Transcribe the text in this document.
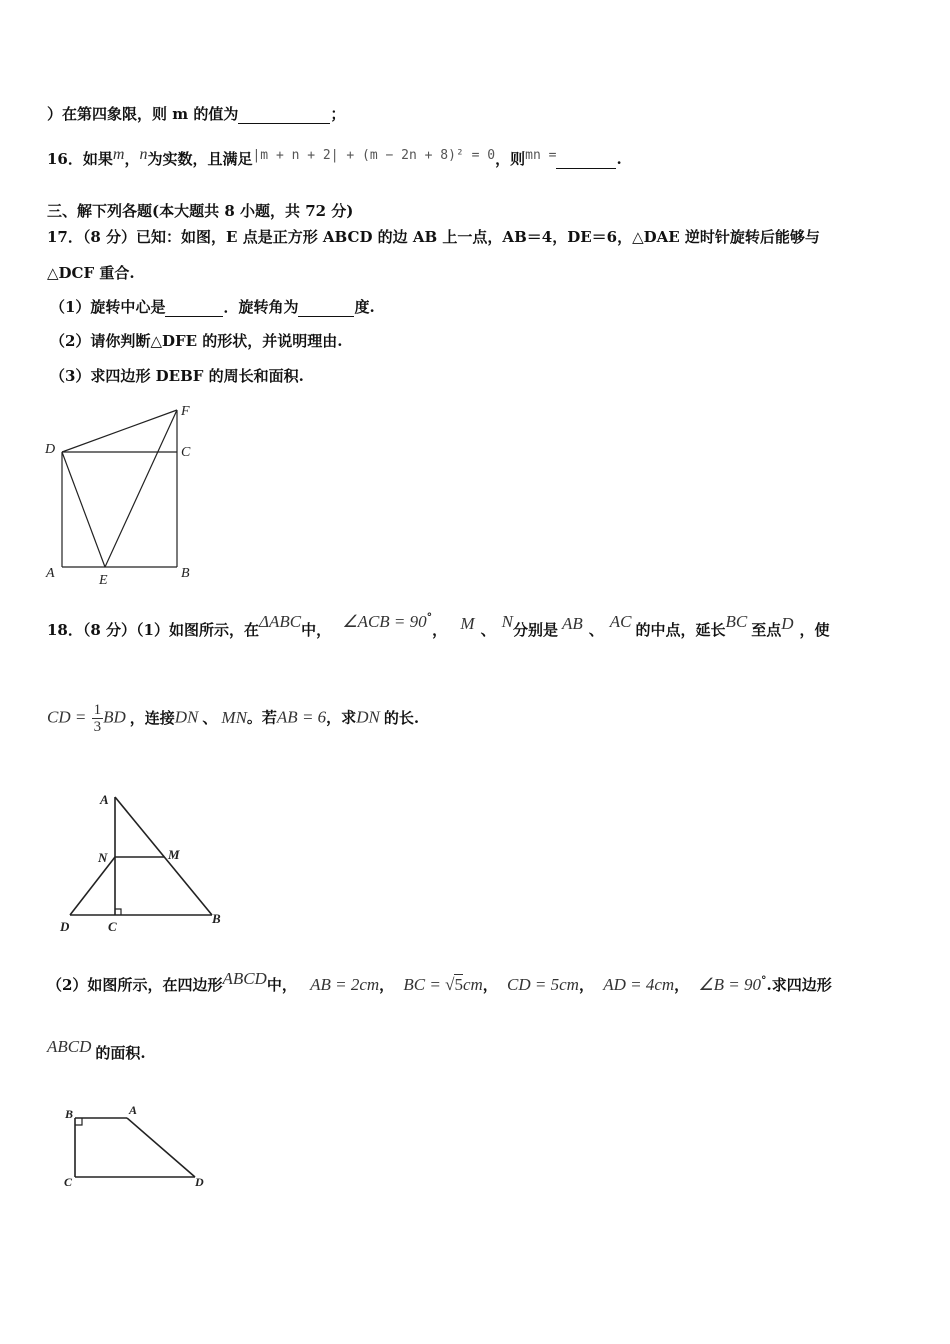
）在第四象限，则 m 的值为	；
16．如果m，n为实数，且满足|m + n + 2| + (m − 2n + 8)² = 0，则mn =	.
三、解下列各题(本大题共 8 小题，共 72 分)
17．（8 分）已知：如图，E 点是正方形 ABCD 的边 AB 上一点，AB＝4，DE＝6，△DAE 逆时针旋转后能够与
△DCF 重合.
（1）旋转中心是	．旋转角为	度.
（2）请你判断△DFE 的形状，并说明理由.
（3）求四边形 DEBF 的周长和面积.
D
F
C
A	E	B
18．（8 分）（1）如图所示，在ΔABC中， ∠ACB = 90°， M 、 N分别是 AB 、 AC 的中点，延长BC 至点D ，使
CD = $\frac{1}{3}$ BD ，连接DN 、 MN。若AB = 6，求DN 的长.
A
N	M
D	C
B
（2）如图所示，在四边形ABCD中， AB = 2cm， BC = √5cm， CD = 5cm， AD = 4cm， ∠B = 90°.求四边形
ABCD 的面积.
B	A
C	D
